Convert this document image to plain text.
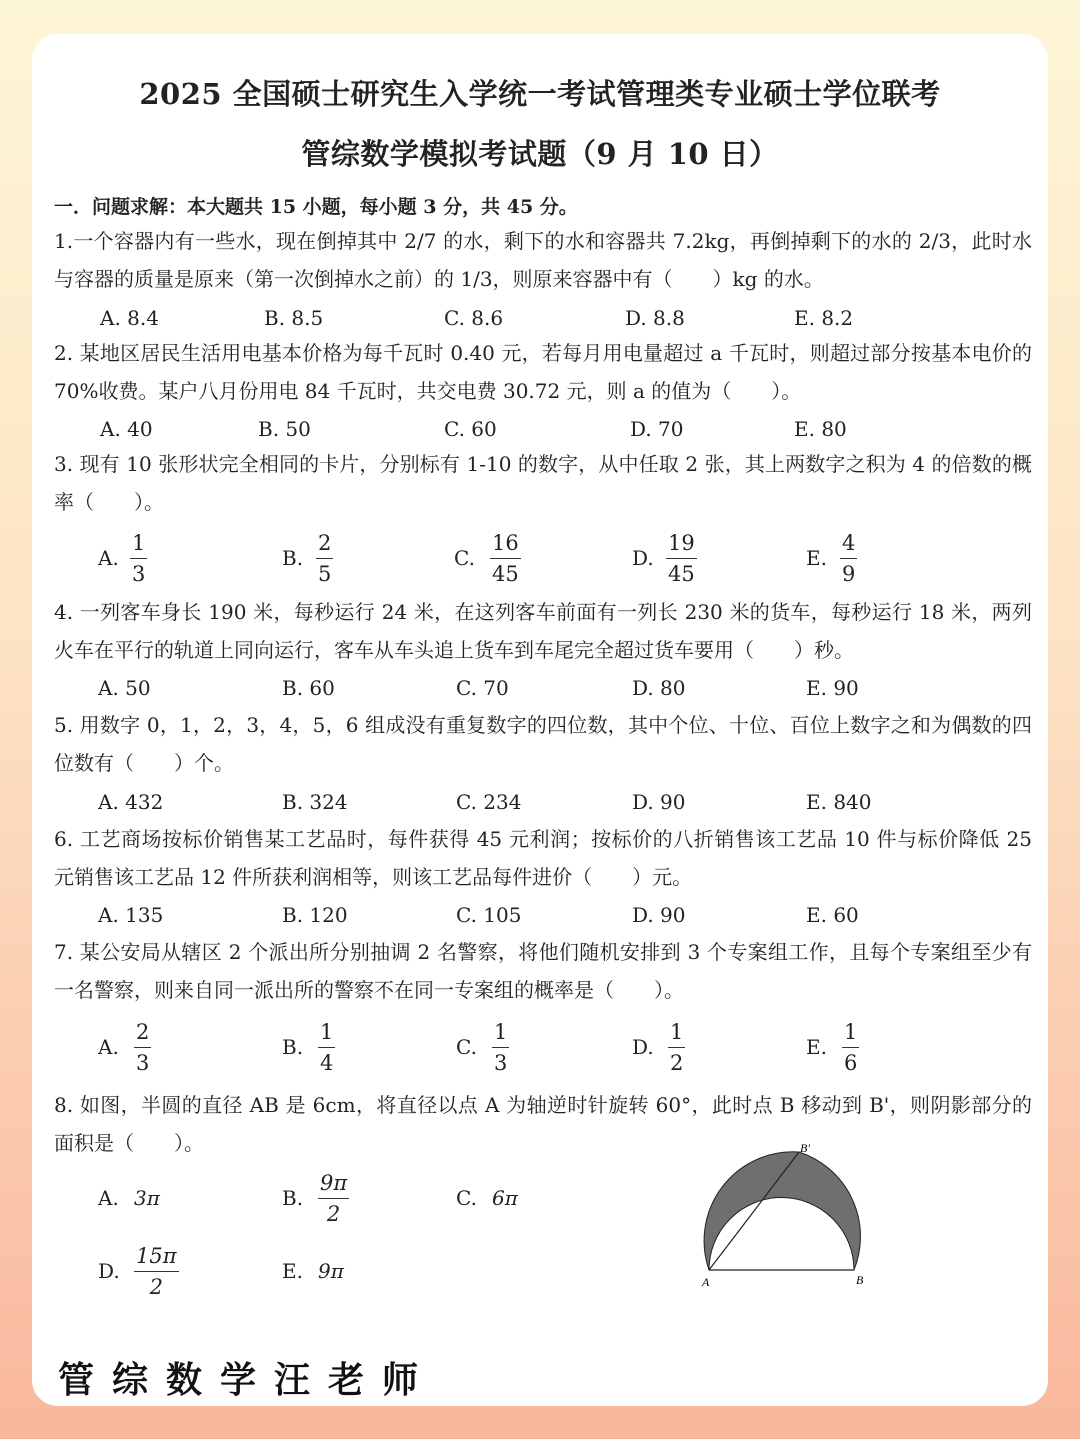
2025 全国硕士研究生入学统一考试管理类专业硕士学位联考
管综数学模拟考试题（9 月 10 日）
一．问题求解：本大题共 15 小题，每小题 3 分，共 45 分。
1.一个容器内有一些水，现在倒掉其中 2/7 的水，剩下的水和容器共 7.2kg，再倒掉剩下的水的 2/3，此时水与容器的质量是原来（第一次倒掉水之前）的 1/3，则原来容器中有（　　）kg 的水。
A. 8.4	B. 8.5	C. 8.6	D. 8.8	E. 8.2
2. 某地区居民生活用电基本价格为每千瓦时 0.40 元，若每月用电量超过 a 千瓦时，则超过部分按基本电价的 70%收费。某户八月份用电 84 千瓦时，共交电费 30.72 元，则 a 的值为（　　）。
A. 40	B. 50	C. 60	D. 70	E. 80
3. 现有 10 张形状完全相同的卡片，分别标有 1-10 的数字，从中任取 2 张，其上两数字之积为 4 的倍数的概率（　　）。
A. $\frac{1}{3}$	B. $\frac{2}{5}$	C. $\frac{16}{45}$	D. $\frac{19}{45}$	E. $\frac{4}{9}$
4. 一列客车身长 190 米，每秒运行 24 米，在这列客车前面有一列长 230 米的货车，每秒运行 18 米，两列火车在平行的轨道上同向运行，客车从车头追上货车到车尾完全超过货车要用（　　）秒。
A. 50	B. 60	C. 70	D. 80	E. 90
5. 用数字 0，1，2，3，4，5，6 组成没有重复数字的四位数，其中个位、十位、百位上数字之和为偶数的四位数有（　　）个。
A. 432	B. 324	C. 234	D. 90	E. 840
6. 工艺商场按标价销售某工艺品时，每件获得 45 元利润；按标价的八折销售该工艺品 10 件与标价降低 25 元销售该工艺品 12 件所获利润相等，则该工艺品每件进价（　　）元。
A. 135	B. 120	C. 105	D. 90	E. 60
7. 某公安局从辖区 2 个派出所分别抽调 2 名警察，将他们随机安排到 3 个专案组工作，且每个专案组至少有一名警察，则来自同一派出所的警察不在同一专案组的概率是（　　）。
A. $\frac{2}{3}$	B. $\frac{1}{4}$	C. $\frac{1}{3}$	D. $\frac{1}{2}$	E. $\frac{1}{6}$
8. 如图，半圆的直径 AB 是 6cm，将直径以点 A 为轴逆时针旋转 60°，此时点 B 移动到 B'，则阴影部分的面积是（　　）。
A. 3π	B. $\frac{9\pi}{2}$	C. 6π
D. $\frac{15\pi}{2}$	E. 9π	A	B
B'
管综数学汪老师
